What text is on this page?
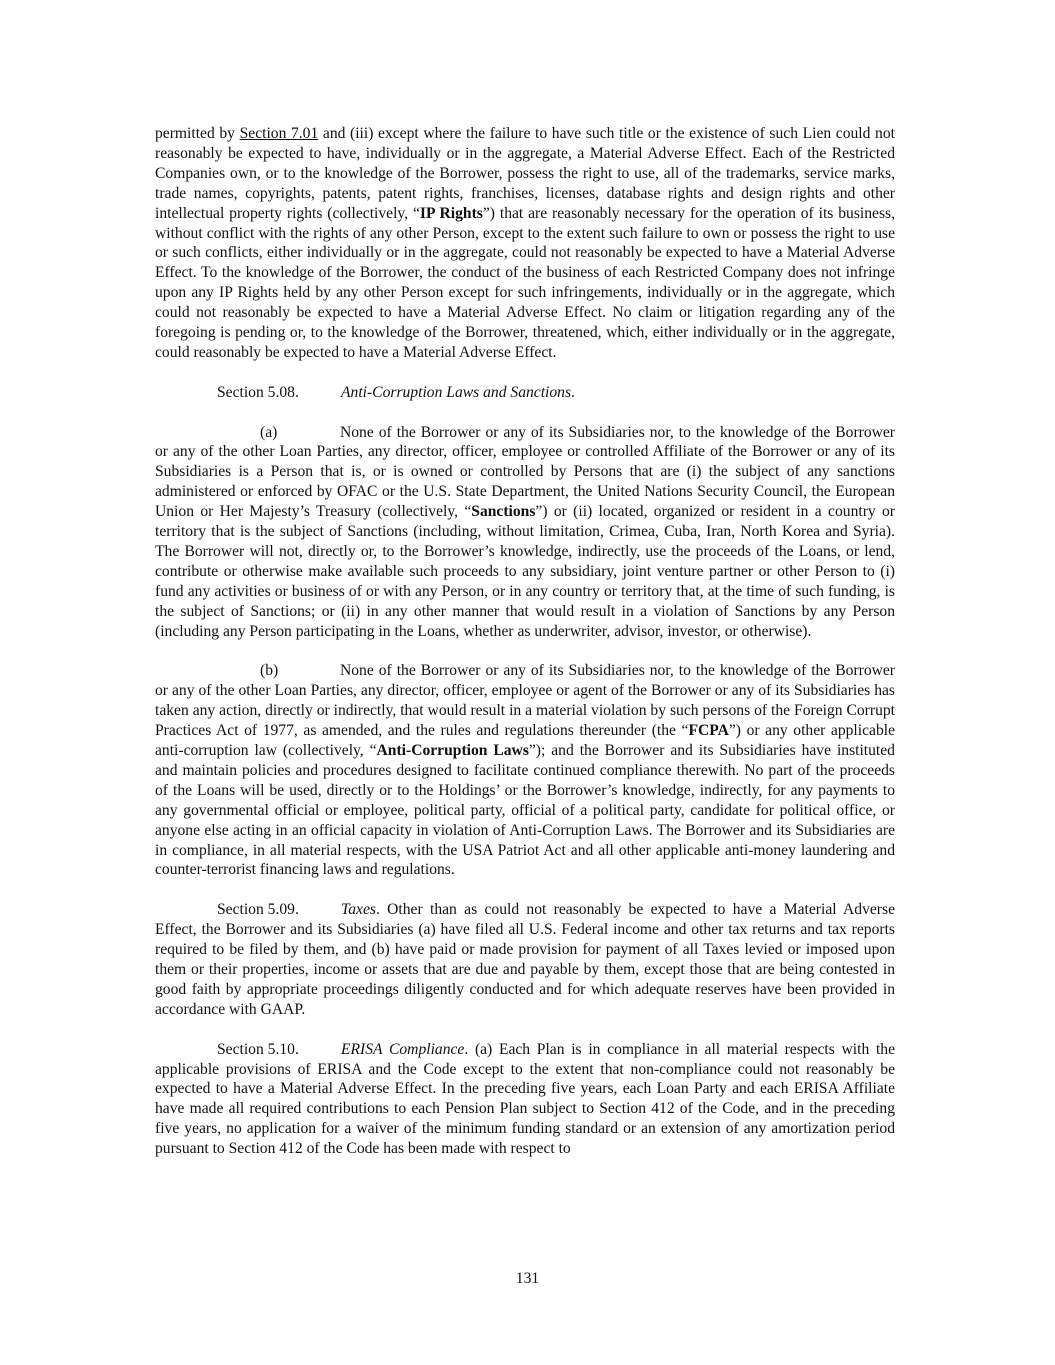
permitted by Section 7.01 and (iii) except where the failure to have such title or the existence of such Lien could not reasonably be expected to have, individually or in the aggregate, a Material Adverse Effect. Each of the Restricted Companies own, or to the knowledge of the Borrower, possess the right to use, all of the trademarks, service marks, trade names, copyrights, patents, patent rights, franchises, licenses, database rights and design rights and other intellectual property rights (collectively, “IP Rights”) that are reasonably necessary for the operation of its business, without conflict with the rights of any other Person, except to the extent such failure to own or possess the right to use or such conflicts, either individually or in the aggregate, could not reasonably be expected to have a Material Adverse Effect. To the knowledge of the Borrower, the conduct of the business of each Restricted Company does not infringe upon any IP Rights held by any other Person except for such infringements, individually or in the aggregate, which could not reasonably be expected to have a Material Adverse Effect. No claim or litigation regarding any of the foregoing is pending or, to the knowledge of the Borrower, threatened, which, either individually or in the aggregate, could reasonably be expected to have a Material Adverse Effect.

Section 5.08.	Anti-Corruption Laws and Sanctions.

(a)	None of the Borrower or any of its Subsidiaries nor, to the knowledge of the Borrower or any of the other Loan Parties, any director, officer, employee or controlled Affiliate of the Borrower or any of its Subsidiaries is a Person that is, or is owned or controlled by Persons that are (i) the subject of any sanctions administered or enforced by OFAC or the U.S. State Department, the United Nations Security Council, the European Union or Her Majesty’s Treasury (collectively, “Sanctions”) or (ii) located, organized or resident in a country or territory that is the subject of Sanctions (including, without limitation, Crimea, Cuba, Iran, North Korea and Syria). The Borrower will not, directly or, to the Borrower’s knowledge, indirectly, use the proceeds of the Loans, or lend, contribute or otherwise make available such proceeds to any subsidiary, joint venture partner or other Person to (i) fund any activities or business of or with any Person, or in any country or territory that, at the time of such funding, is the subject of Sanctions; or (ii) in any other manner that would result in a violation of Sanctions by any Person (including any Person participating in the Loans, whether as underwriter, advisor, investor, or otherwise).

(b)	None of the Borrower or any of its Subsidiaries nor, to the knowledge of the Borrower or any of the other Loan Parties, any director, officer, employee or agent of the Borrower or any of its Subsidiaries has taken any action, directly or indirectly, that would result in a material violation by such persons of the Foreign Corrupt Practices Act of 1977, as amended, and the rules and regulations thereunder (the “FCPA”) or any other applicable anti-corruption law (collectively, “Anti-Corruption Laws”); and the Borrower and its Subsidiaries have instituted and maintain policies and procedures designed to facilitate continued compliance therewith. No part of the proceeds of the Loans will be used, directly or to the Holdings’ or the Borrower’s knowledge, indirectly, for any payments to any governmental official or employee, political party, official of a political party, candidate for political office, or anyone else acting in an official capacity in violation of Anti-Corruption Laws. The Borrower and its Subsidiaries are in compliance, in all material respects, with the USA Patriot Act and all other applicable anti-money laundering and counter-terrorist financing laws and regulations.

Section 5.09.	Taxes. Other than as could not reasonably be expected to have a Material Adverse Effect, the Borrower and its Subsidiaries (a) have filed all U.S. Federal income and other tax returns and tax reports required to be filed by them, and (b) have paid or made provision for payment of all Taxes levied or imposed upon them or their properties, income or assets that are due and payable by them, except those that are being contested in good faith by appropriate proceedings diligently conducted and for which adequate reserves have been provided in accordance with GAAP.

Section 5.10.	ERISA Compliance. (a) Each Plan is in compliance in all material respects with the applicable provisions of ERISA and the Code except to the extent that non-compliance could not reasonably be expected to have a Material Adverse Effect. In the preceding five years, each Loan Party and each ERISA Affiliate have made all required contributions to each Pension Plan subject to Section 412 of the Code, and in the preceding five years, no application for a waiver of the minimum funding standard or an extension of any amortization period pursuant to Section 412 of the Code has been made with respect to

131
